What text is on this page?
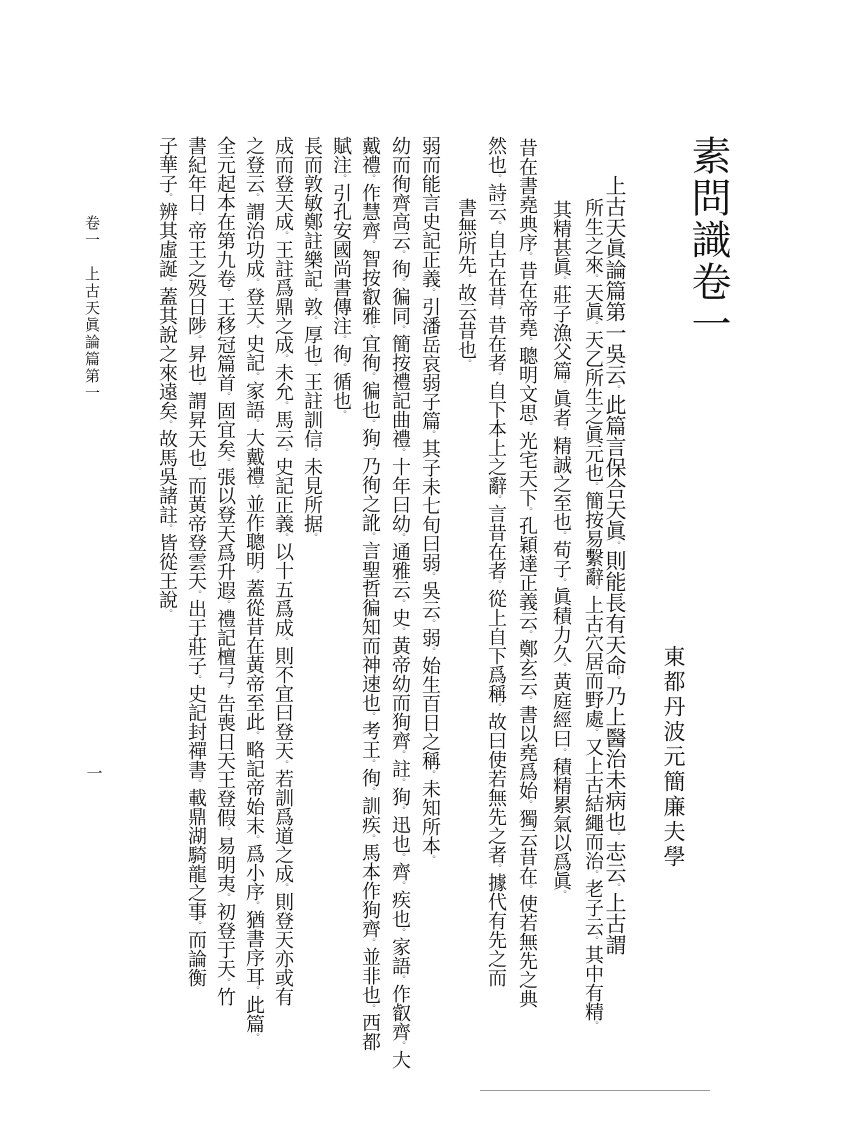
素問識卷一
東都丹波元簡廉夫學
上古天眞論篇第一吳云。此篇言保合天眞。則能長有天命。乃上醫治未病也。志云。上古謂
所生之來。天眞。天乙所生之眞元也。簡按易繫辭。上古穴居而野處。又上古結繩而治。老子云。其中有精。
其精甚眞。莊子漁父篇。眞者。精誠之至也。荀子。眞積力久。黃庭經曰。積精累氣以爲眞。
昔在書堯典序。昔在帝堯。聰明文思。光宅天下。孔穎達正義云。鄭玄云。書以堯爲始。獨云昔在。使若無先之典
然也。詩云。自古在昔。昔在者。自下本上之辭。言昔在者。從上自下爲稱。故曰使若無先之者。據代有先之而
書無所先。故云昔也。
弱而能言史記正義。引潘岳哀弱子篇。其子未七旬曰弱。吳云。弱。始生百日之稱。未知所本。
幼而徇齊高云。徇。徧同。簡按禮記曲禮。十年曰幼。通雅云。史。黃帝幼而狥齊。註。狥。迅也。齊。疾也。家語。作叡齊。大
戴禮。作慧齊。智按叡雅。宜徇。徧也。狥。乃徇之訛。言聖哲徧知而神速也。考王。徇。訓疾。馬本作狥齊。並非也。西都
賦注。引孔安國尚書傳注。徇。循也。
長而敦敏鄭註樂記。敦。厚也。王註訓信。未見所据。
成而登天成。王註爲鼎之成。未允。馬云。史記正義。以十五爲成。則不宜曰登天。若訓爲道之成。則登天亦或有
之登云。謂治功成。登天。史記。家語。大戴禮。並作聰明。蓋從昔在黃帝至此。略記帝始末。爲小序。猶書序耳。此篇。
全元起本在第九卷。王移冠篇首。固宜矣。張以登天爲升遐。禮記檀弓。告喪日天王登假。易明夷。初登于天。竹
書紀年日。帝王之殁日陟。昇也。謂昇天也。而黃帝登雲天。出于莊子。史記封禪書。載鼎湖騎龍之事。而論衡
子華子。辨其虛誕。蓋其說之來遠矣。故馬吳諸註。皆從王說。
卷一　上古天眞論篇第一
一
